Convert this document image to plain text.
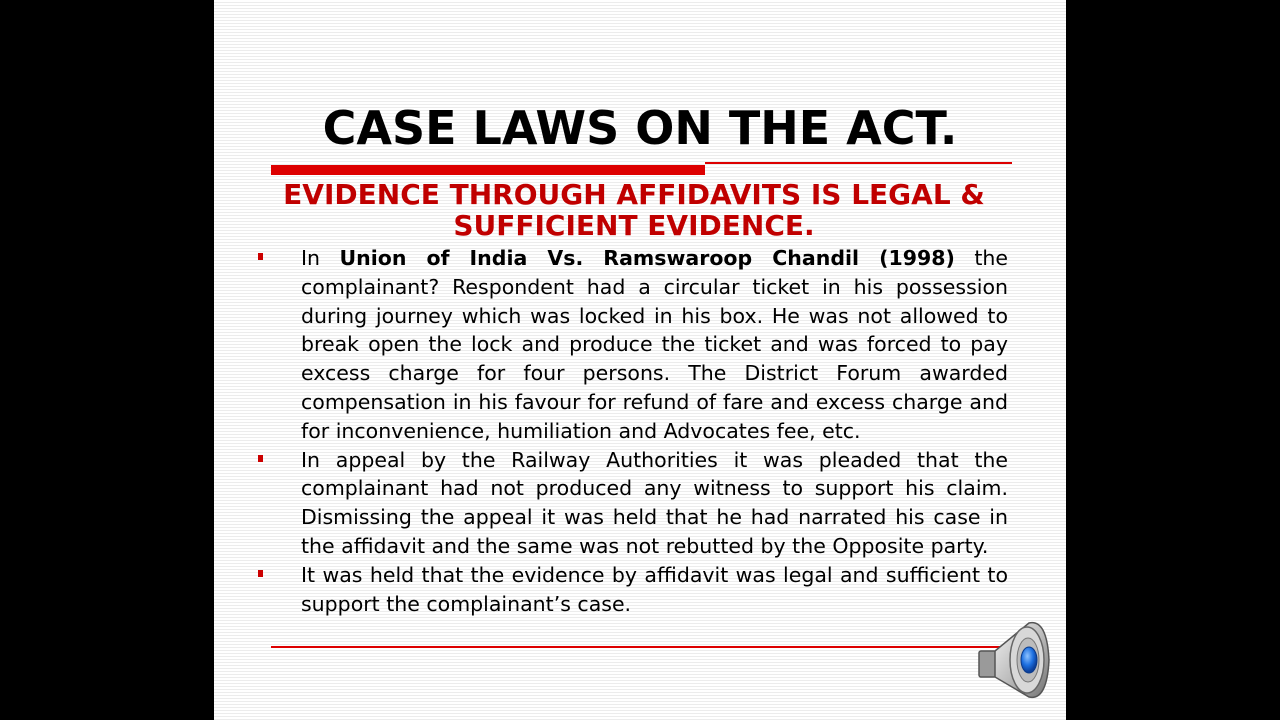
CASE LAWS ON THE ACT.
EVIDENCE THROUGH AFFIDAVITS IS LEGAL &
SUFFICIENT EVIDENCE.
In Union of India Vs. Ramswaroop Chandil (1998) the complainant? Respondent had a circular ticket in his possession during journey which was locked in his box. He was not allowed to break open the lock and produce the ticket and was forced to pay excess charge for four persons. The District Forum awarded compensation in his favour for refund of fare and excess charge and for inconvenience, humiliation and Advocates fee, etc.
In appeal by the Railway Authorities it was pleaded that the complainant had not produced any witness to support his claim. Dismissing the appeal it was held that he had narrated his case in the affidavit and the same was not rebutted by the Opposite party.
It was held that the evidence by affidavit was legal and sufficient to support the complainant’s case.
